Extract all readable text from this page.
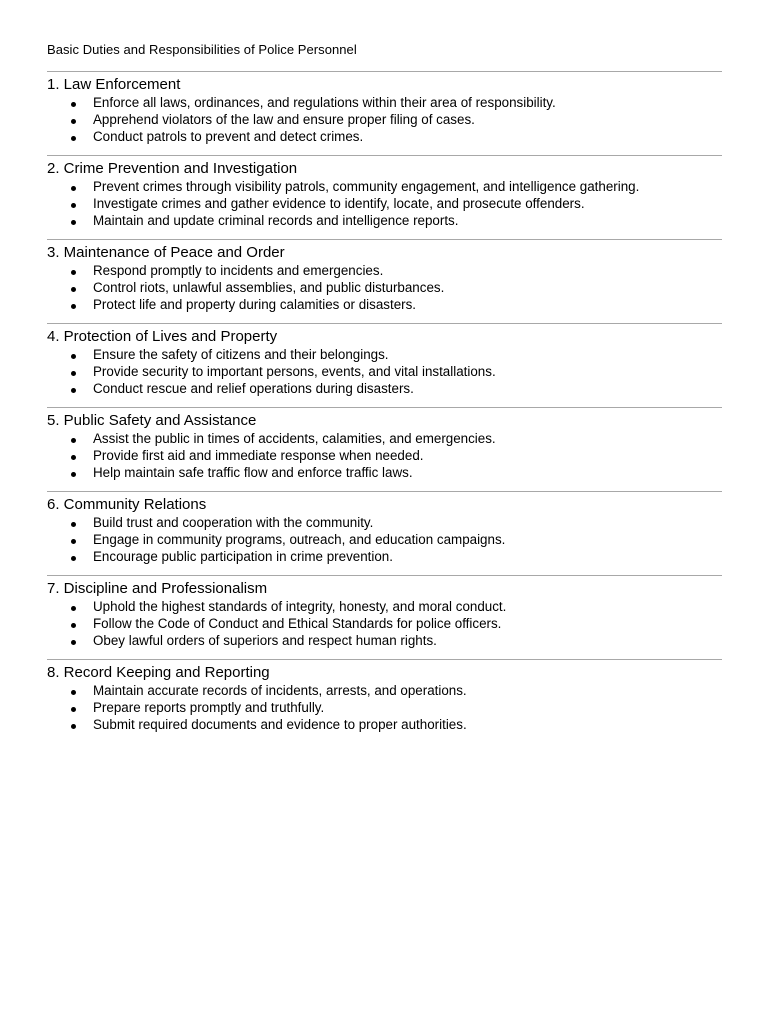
Basic Duties and Responsibilities of Police Personnel
1. Law Enforcement
Enforce all laws, ordinances, and regulations within their area of responsibility.
Apprehend violators of the law and ensure proper filing of cases.
Conduct patrols to prevent and detect crimes.
2. Crime Prevention and Investigation
Prevent crimes through visibility patrols, community engagement, and intelligence gathering.
Investigate crimes and gather evidence to identify, locate, and prosecute offenders.
Maintain and update criminal records and intelligence reports.
3. Maintenance of Peace and Order
Respond promptly to incidents and emergencies.
Control riots, unlawful assemblies, and public disturbances.
Protect life and property during calamities or disasters.
4. Protection of Lives and Property
Ensure the safety of citizens and their belongings.
Provide security to important persons, events, and vital installations.
Conduct rescue and relief operations during disasters.
5. Public Safety and Assistance
Assist the public in times of accidents, calamities, and emergencies.
Provide first aid and immediate response when needed.
Help maintain safe traffic flow and enforce traffic laws.
6. Community Relations
Build trust and cooperation with the community.
Engage in community programs, outreach, and education campaigns.
Encourage public participation in crime prevention.
7. Discipline and Professionalism
Uphold the highest standards of integrity, honesty, and moral conduct.
Follow the Code of Conduct and Ethical Standards for police officers.
Obey lawful orders of superiors and respect human rights.
8. Record Keeping and Reporting
Maintain accurate records of incidents, arrests, and operations.
Prepare reports promptly and truthfully.
Submit required documents and evidence to proper authorities.
